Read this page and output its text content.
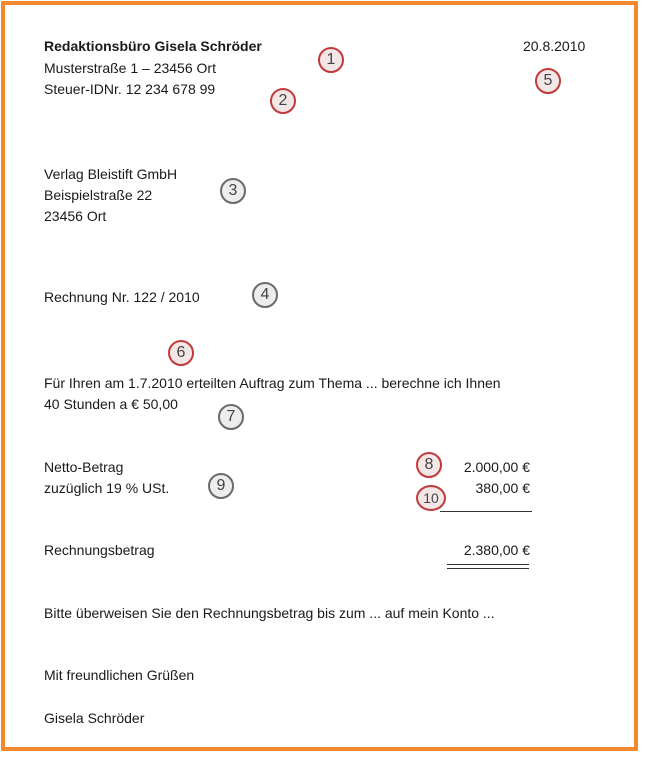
Redaktionsbüro Gisela Schröder
Musterstraße 1 – 23456 Ort
Steuer-IDNr. 12 234 678 99
20.8.2010
1
2
5
Verlag Bleistift GmbH
Beispielstraße 22
23456 Ort
3
Rechnung Nr. 122 / 2010	4
6
Für Ihren am 1.7.2010 erteilten Auftrag zum Thema ... berechne ich Ihnen
40 Stunden a € 50,00
7
Netto-Betrag	2.000,00 €
zuzüglich 19 % USt.	380,00 €
8
9
10
Rechnungsbetrag	2.380,00 €
Bitte überweisen Sie den Rechnungsbetrag bis zum ... auf mein Konto ...
Mit freundlichen Grüßen
Gisela Schröder
